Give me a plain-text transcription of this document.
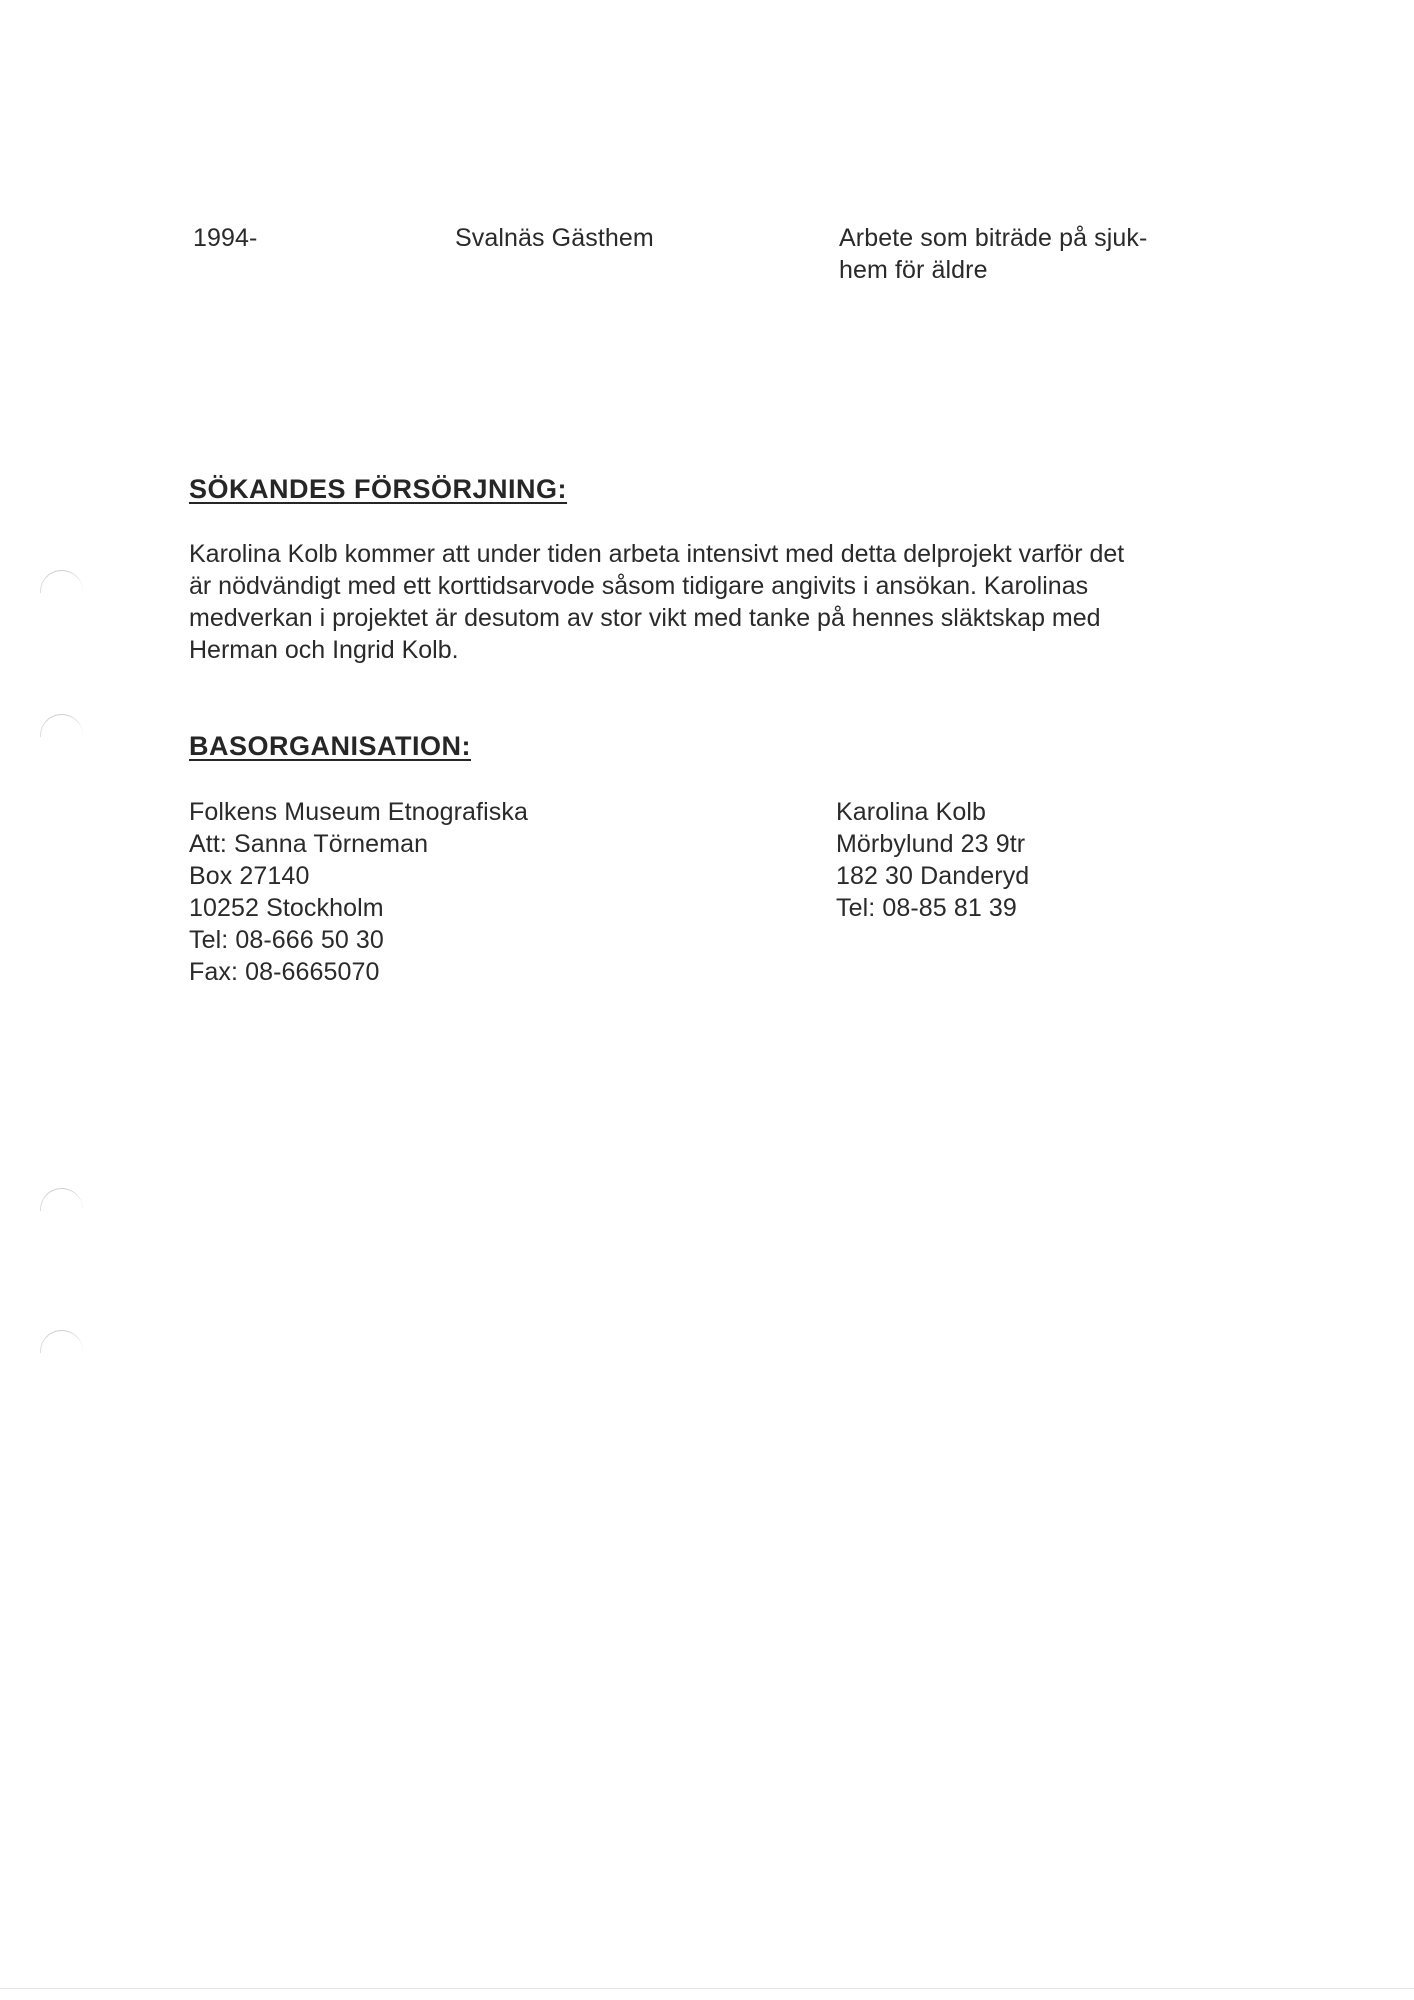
1994-	Svalnäs Gästhem	Arbete som biträde på sjuk-
hem för äldre
SÖKANDES FÖRSÖRJNING:
Karolina Kolb kommer att under tiden arbeta intensivt med detta delprojekt varför det
är nödvändigt med ett korttidsarvode såsom tidigare angivits i ansökan. Karolinas
medverkan i projektet är desutom av stor vikt med tanke på hennes släktskap med
Herman och Ingrid Kolb.
BASORGANISATION:
Folkens Museum Etnografiska
Att: Sanna Törneman
Box 27140
10252 Stockholm
Tel: 08-666 50 30
Fax: 08-6665070
Karolina Kolb
Mörbylund 23 9tr
182 30 Danderyd
Tel: 08-85 81 39
